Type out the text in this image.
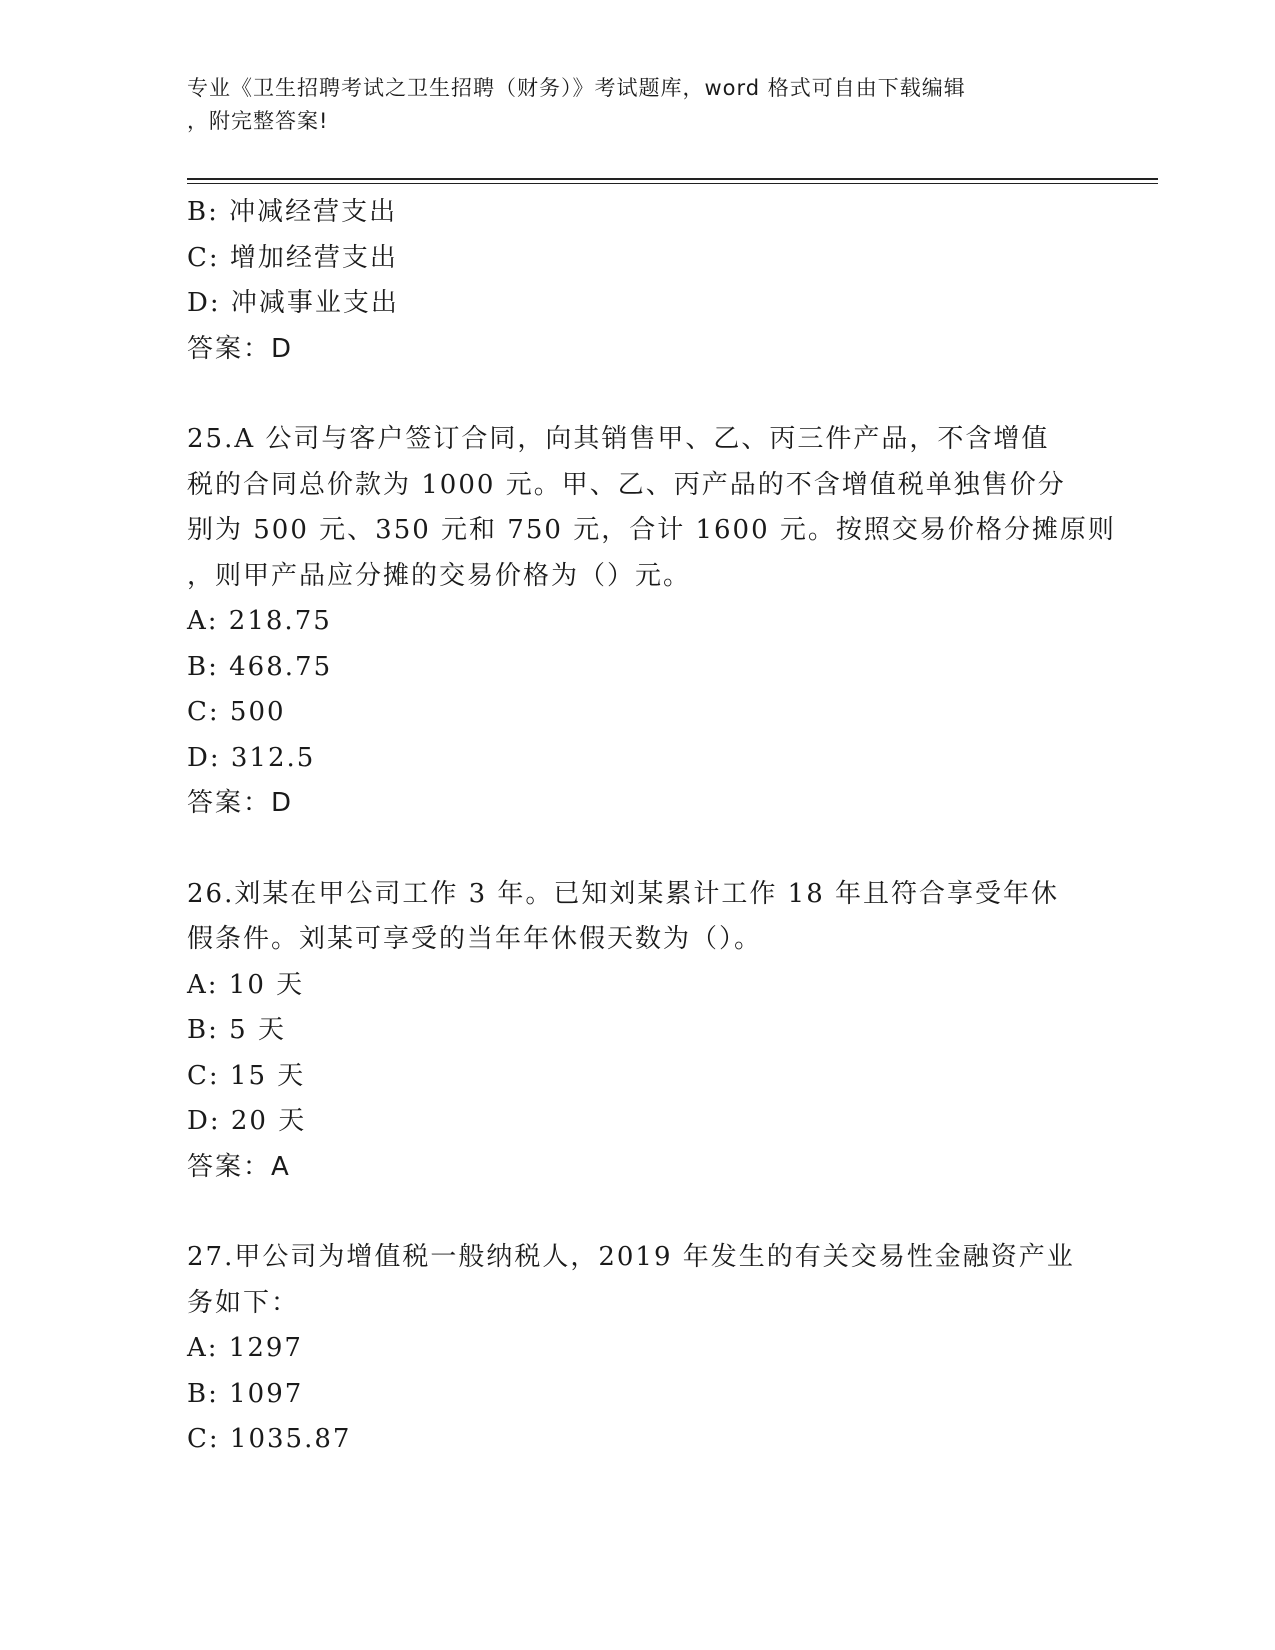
专业《卫生招聘考试之卫生招聘（财务）》考试题库，word 格式可自由下载编辑
，附完整答案!
B: 冲减经营支出
C: 增加经营支出
D: 冲减事业支出
答案：D
25.A 公司与客户签订合同，向其销售甲、乙、丙三件产品，不含增值
税的合同总价款为 1000 元。甲、乙、丙产品的不含增值税单独售价分
别为 500 元、350 元和 750 元，合计 1600 元。按照交易价格分摊原则
，则甲产品应分摊的交易价格为（）元。
A: 218.75
B: 468.75
C: 500
D: 312.5
答案：D
26.刘某在甲公司工作 3 年。已知刘某累计工作 18 年且符合享受年休
假条件。刘某可享受的当年年休假天数为（）。
A: 10 天
B: 5 天
C: 15 天
D: 20 天
答案：A
27.甲公司为增值税一般纳税人，2019 年发生的有关交易性金融资产业
务如下：
A: 1297
B: 1097
C: 1035.87
